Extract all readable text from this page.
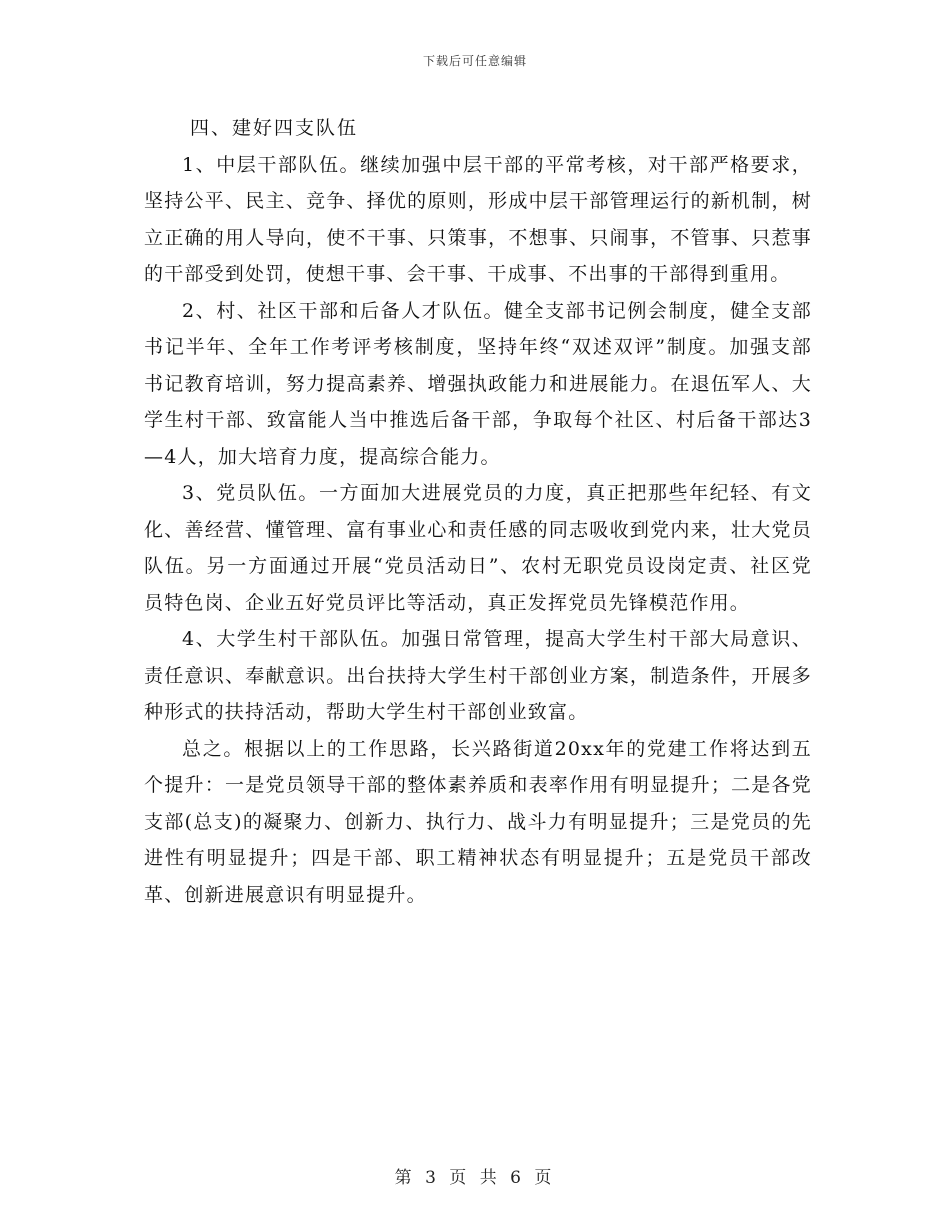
下载后可任意编辑

四、建好四支队伍

1、中层干部队伍。继续加强中层干部的平常考核，对干部严格要求，坚持公平、民主、竞争、择优的原则，形成中层干部管理运行的新机制，树立正确的用人导向，使不干事、只策事，不想事、只闹事，不管事、只惹事的干部受到处罚，使想干事、会干事、干成事、不出事的干部得到重用。

2、村、社区干部和后备人才队伍。健全支部书记例会制度，健全支部书记半年、全年工作考评考核制度，坚持年终“双述双评”制度。加强支部书记教育培训，努力提高素养、增强执政能力和进展能力。在退伍军人、大学生村干部、致富能人当中推选后备干部，争取每个社区、村后备干部达3—4人，加大培育力度，提高综合能力。

3、党员队伍。一方面加大进展党员的力度，真正把那些年纪轻、有文化、善经营、懂管理、富有事业心和责任感的同志吸收到党内来，壮大党员队伍。另一方面通过开展“党员活动日”、农村无职党员设岗定责、社区党员特色岗、企业五好党员评比等活动，真正发挥党员先锋模范作用。

4、大学生村干部队伍。加强日常管理，提高大学生村干部大局意识、责任意识、奉献意识。出台扶持大学生村干部创业方案，制造条件，开展多种形式的扶持活动，帮助大学生村干部创业致富。

总之。根据以上的工作思路，长兴路街道20xx年的党建工作将达到五个提升：一是党员领导干部的整体素养质和表率作用有明显提升；二是各党支部(总支)的凝聚力、创新力、执行力、战斗力有明显提升；三是党员的先进性有明显提升；四是干部、职工精神状态有明显提升；五是党员干部改革、创新进展意识有明显提升。

第 3 页 共 6 页
